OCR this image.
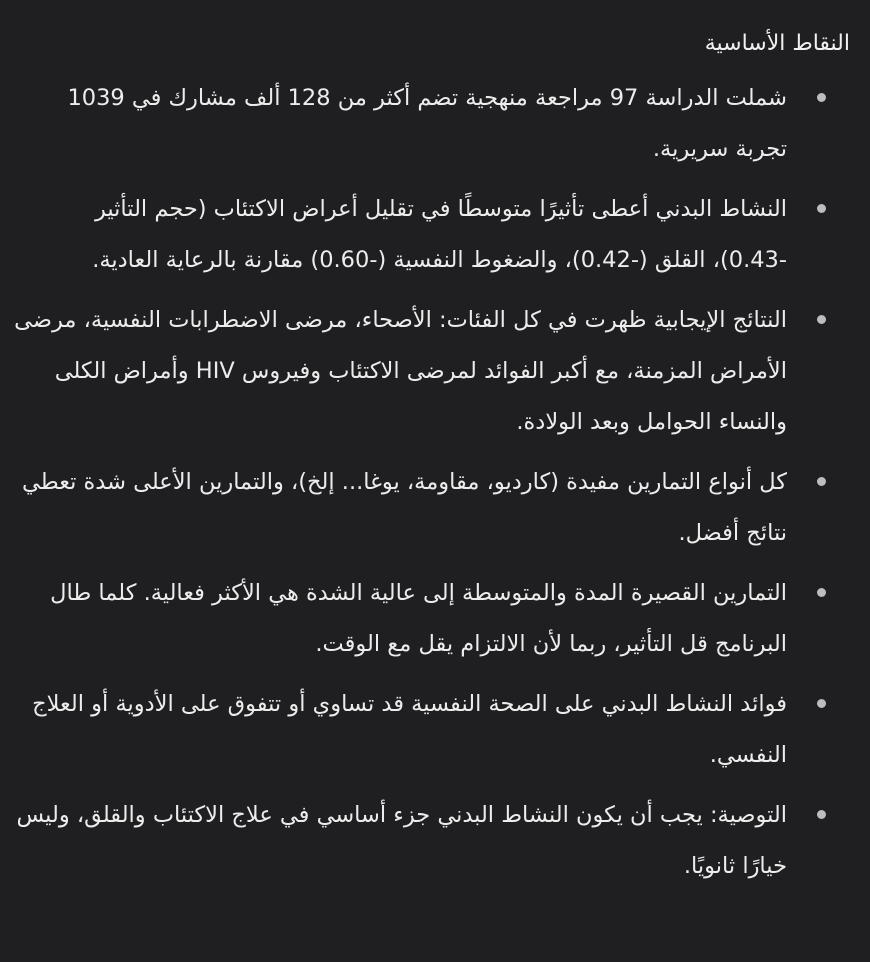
النقاط الأساسية
شملت الدراسة 97 مراجعة منهجية تضم أكثر من 128 ألف مشارك في 1039 تجربة سريرية.
النشاط البدني أعطى تأثيرًا متوسطًا في تقليل أعراض الاكتئاب (حجم التأثير -0.43)، القلق (-0.42)، والضغوط النفسية (-0.60) مقارنة بالرعاية العادية.
النتائج الإيجابية ظهرت في كل الفئات: الأصحاء، مرضى الاضطرابات النفسية، مرضى الأمراض المزمنة، مع أكبر الفوائد لمرضى الاكتئاب وفيروس HIV وأمراض الكلى والنساء الحوامل وبعد الولادة.
كل أنواع التمارين مفيدة (كارديو، مقاومة، يوغا... إلخ)، والتمارين الأعلى شدة تعطي نتائج أفضل.
التمارين القصيرة المدة والمتوسطة إلى عالية الشدة هي الأكثر فعالية. كلما طال البرنامج قل التأثير، ربما لأن الالتزام يقل مع الوقت.
فوائد النشاط البدني على الصحة النفسية قد تساوي أو تتفوق على الأدوية أو العلاج النفسي.
التوصية: يجب أن يكون النشاط البدني جزء أساسي في علاج الاكتئاب والقلق، وليس خيارًا ثانويًا.
